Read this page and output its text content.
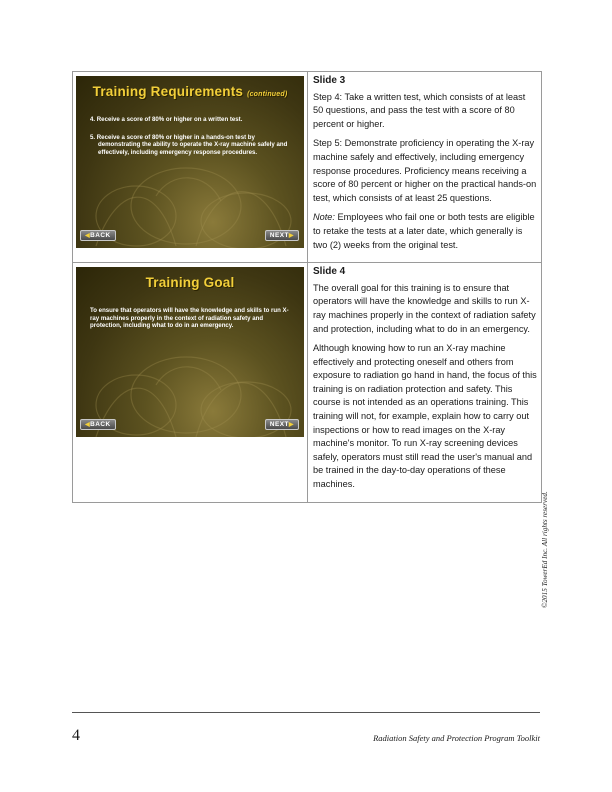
Training Requirements (continued)
4. Receive a score of 80% or higher on a written test.
5. Receive a score of 80% or higher in a hands-on test by demonstrating the ability to operate the X-ray machine safely and effectively, including emergency response procedures.
◀BACK	NEXT▶
Slide 3

Step 4: Take a written test, which consists of at least 50 questions, and pass the test with a score of 80 percent or higher.

Step 5: Demonstrate proficiency in operating the X-ray machine safely and effectively, including emergency response procedures. Proficiency means receiving a score of 80 percent or higher on the practical hands-on test, which consists of at least 25 questions.

Note: Employees who fail one or both tests are eligible to retake the tests at a later date, which generally is two (2) weeks from the original test.

Training Goal
To ensure that operators will have the knowledge and skills to run X-ray machines properly in the context of radiation safety and protection, including what to do in an emergency.
◀BACK	NEXT▶
Slide 4

The overall goal for this training is to ensure that operators will have the knowledge and skills to run X-ray machines properly in the context of radiation safety and protection, including what to do in an emergency.

Although knowing how to run an X-ray machine effectively and protecting oneself and others from exposure to radiation go hand in hand, the focus of this training is on radiation protection and safety. This course is not intended as an operations training. This training will not, for example, explain how to carry out inspections or how to read images on the X-ray machine's monitor. To run X-ray screening devices safely, operators must still read the user's manual and be trained in the day-to-day operations of these machines.

©2015 TowerEd Inc. All rights reserved.
4	Radiation Safety and Protection Program Toolkit
